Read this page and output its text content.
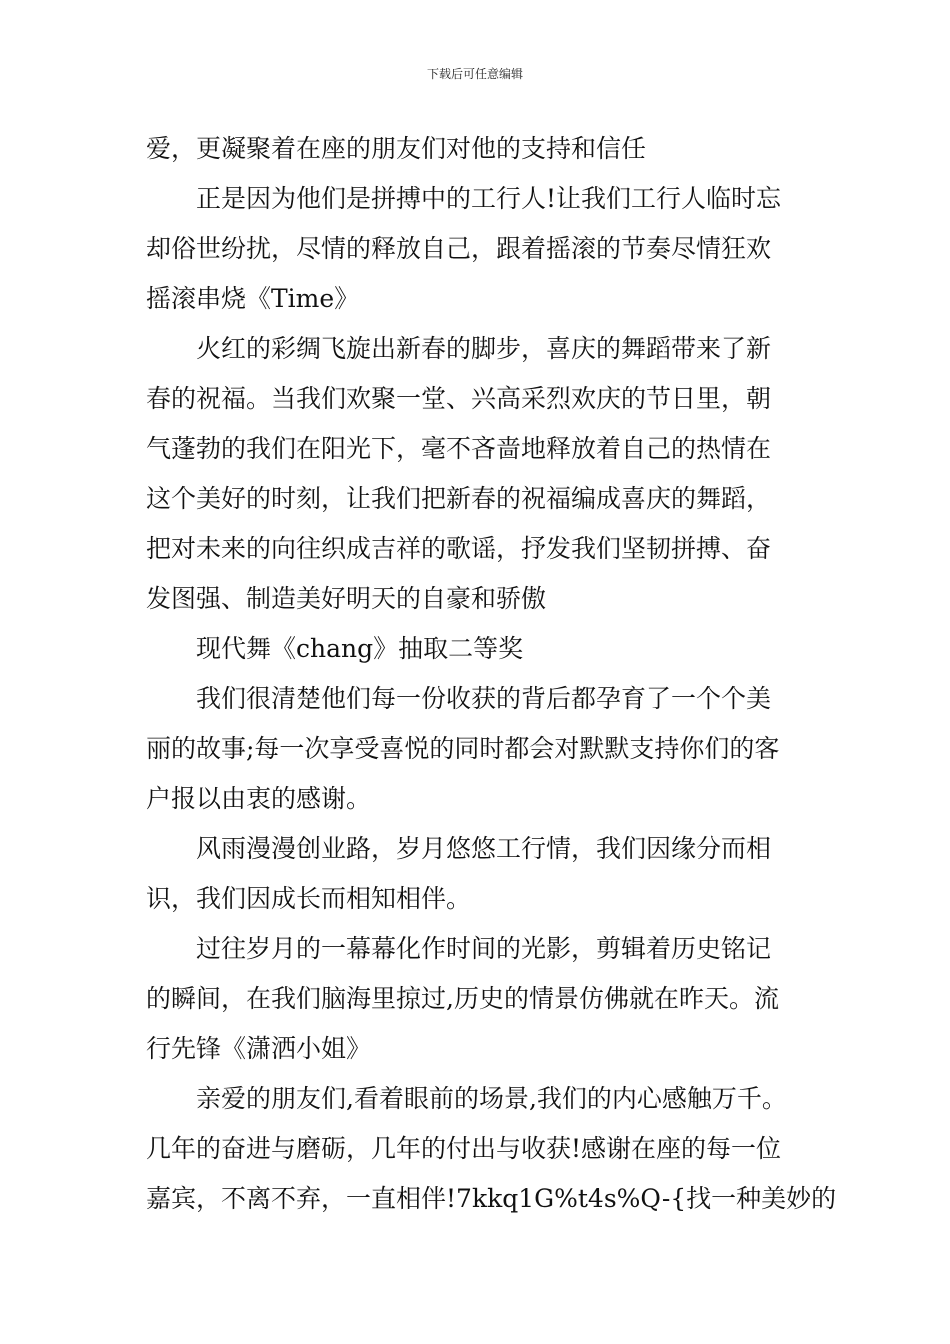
下载后可任意编辑
爱，更凝聚着在座的朋友们对他的支持和信任
正是因为他们是拼搏中的工行人!让我们工行人临时忘
却俗世纷扰，尽情的释放自己，跟着摇滚的节奏尽情狂欢
摇滚串烧《Time》
火红的彩绸飞旋出新春的脚步，喜庆的舞蹈带来了新
春的祝福。当我们欢聚一堂、兴高采烈欢庆的节日里，朝
气蓬勃的我们在阳光下，毫不吝啬地释放着自己的热情在
这个美好的时刻，让我们把新春的祝福编成喜庆的舞蹈，
把对未来的向往织成吉祥的歌谣，抒发我们坚韧拼搏、奋
发图强、制造美好明天的自豪和骄傲
现代舞《chang》抽取二等奖
我们很清楚他们每一份收获的背后都孕育了一个个美
丽的故事;每一次享受喜悦的同时都会对默默支持你们的客
户报以由衷的感谢。
风雨漫漫创业路，岁月悠悠工行情，我们因缘分而相
识，我们因成长而相知相伴。
过往岁月的一幕幕化作时间的光影，剪辑着历史铭记
的瞬间，在我们脑海里掠过,历史的情景仿佛就在昨天。流
行先锋《潇洒小姐》
亲爱的朋友们,看着眼前的场景,我们的内心感触万千。
几年的奋进与磨砺，几年的付出与收获!感谢在座的每一位
嘉宾，不离不弃，一直相伴!7kkq1G%t4s%Q-{找一种美妙的
